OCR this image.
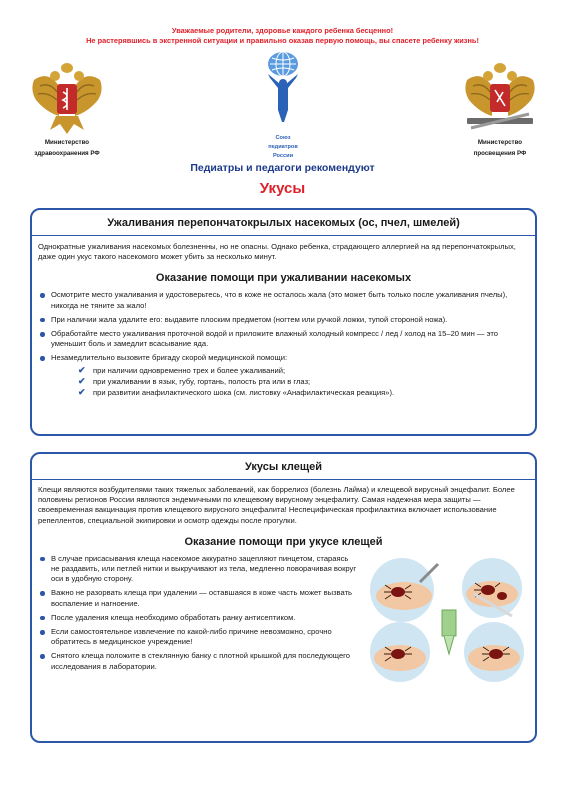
Уважаемые родители, здоровье каждого ребенка бесценно!
Не растерявшись в экстренной ситуации и правильно оказав первую помощь, вы спасете ребенку жизнь!
Министерство
здравоохранения РФ
Союз
педиатров
России
Министерство
просвещения РФ
Педиатры и педагоги рекомендуют
Укусы
Ужаливания перепончатокрылых насекомых (ос, пчел, шмелей)
Однократные ужаливания насекомых болезненны, но не опасны. Однако ребенка, страдающего аллергией на яд перепончатокрылых, даже один укус такого насекомого может убить за несколько минут.
Оказание помощи при ужаливании насекомых
Осмотрите место ужаливания и удостоверьтесь, что в коже не осталось жала (это может быть только после ужаливания пчелы), никогда не тяните за жало!
При наличии жала удалите его: выдавите плоским предметом (ногтем или ручкой ложки, тупой стороной ножа).
Обработайте место ужаливания проточной водой и приложите влажный холодный компресс / лед / холод на 15–20 мин — это уменьшит боль и замедлит всасывание яда.
Незамедлительно вызовите бригаду скорой медицинской помощи:
✔ при наличии одновременно трех и более ужаливаний;
✔ при ужаливании в язык, губу, гортань, полость рта или в глаз;
✔ при развитии анафилактического шока (см. листовку «Анафилактическая реакция»).
Укусы клещей
Клещи являются возбудителями таких тяжелых заболеваний, как боррелиоз (болезнь Лайма) и клещевой вирусный энцефалит. Более половины регионов России являются эндемичными по клещевому вирусному энцефалиту. Самая надежная мера защиты — своевременная вакцинация против клещевого вирусного энцефалита! Неспецифическая профилактика включает использование репеллентов, специальной экипировки и осмотр одежды после прогулки.
Оказание помощи при укусе клещей
В случае присасывания клеща насекомое аккуратно зацепляют пинцетом, стараясь не раздавить, или петлей нитки и выкручивают из тела, медленно поворачивая вокруг оси в удобную сторону.
Важно не разорвать клеща при удалении — оставшаяся в коже часть может вызвать воспаление и нагноение.
После удаления клеща необходимо обработать ранку антисептиком.
Если самостоятельное извлечение по какой-либо причине невозможно, срочно обратитесь в медицинское учреждение!
Снятого клеща положите в стеклянную банку с плотной крышкой для последующего исследования в лаборатории.
